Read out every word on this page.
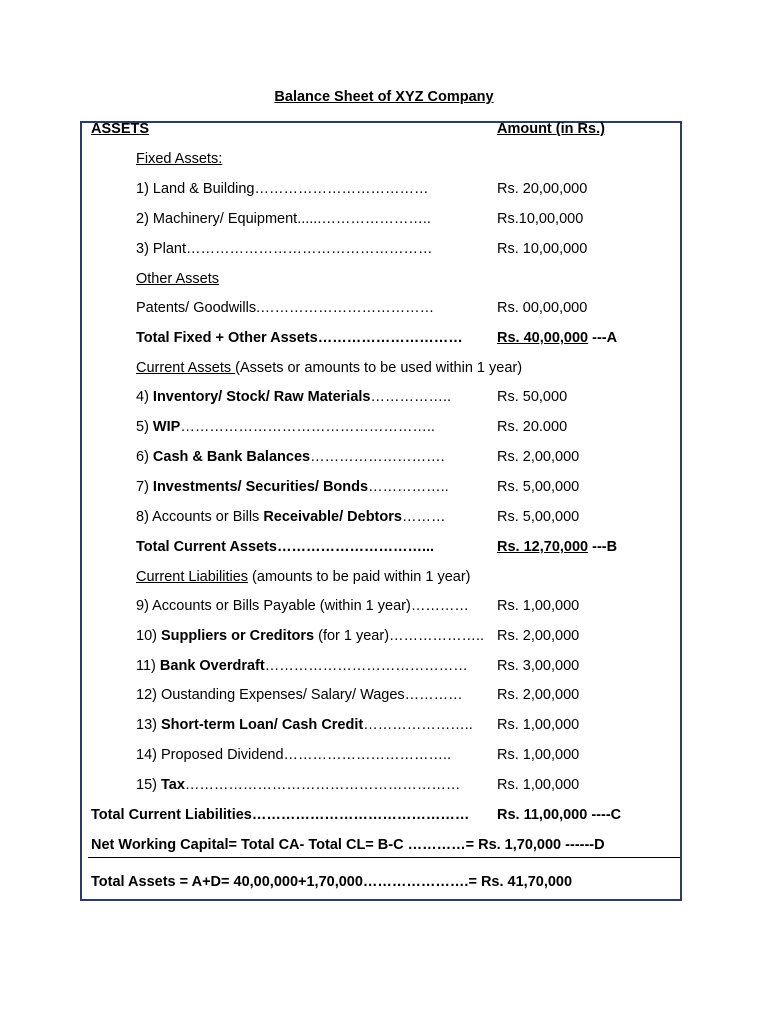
Balance Sheet of XYZ Company
ASSETS	Amount (in Rs.)
Fixed Assets:
1) Land & Building………………………………	Rs. 20,00,000
2) Machinery/ Equipment......…………………..	Rs.10,00,000
3) Plant……………………………………………	Rs. 10,00,000
Other Assets
Patents/ Goodwills.………………………………	Rs. 00,00,000
Total Fixed + Other Assets………………………… Rs. 40,00,000 ---A
Current Assets (Assets or amounts to be used within 1 year)
4) Inventory/ Stock/ Raw Materials……………..	Rs. 50,000
5) WIP……………………………………………..	Rs. 20.000
6) Cash & Bank Balances……………………….	Rs. 2,00,000
7) Investments/ Securities/ Bonds……………..	Rs. 5,00,000
8) Accounts or Bills Receivable/ Debtors………	Rs. 5,00,000
Total Current Assets…………………………...	Rs. 12,70,000 ---B
Current Liabilities (amounts to be paid within 1 year)
9) Accounts or Bills Payable (within 1 year)………… Rs. 1,00,000
10) Suppliers or Creditors (for 1 year)……………….. Rs. 2,00,000
11) Bank Overdraft…………………………………… Rs. 3,00,000
12) Oustanding Expenses/ Salary/ Wages………… Rs. 2,00,000
13) Short-term Loan/ Cash Credit………………….. Rs. 1,00,000
14) Proposed Dividend……………………………..	Rs. 1,00,000
15) Tax…………………………………………………	Rs. 1,00,000
Total Current Liabilities……………………………………… Rs. 11,00,000 ----C
Net Working Capital= Total CA- Total CL= B-C …………= Rs. 1,70,000 ------D
Total Assets = A+D= 40,00,000+1,70,000………………….= Rs. 41,70,000
